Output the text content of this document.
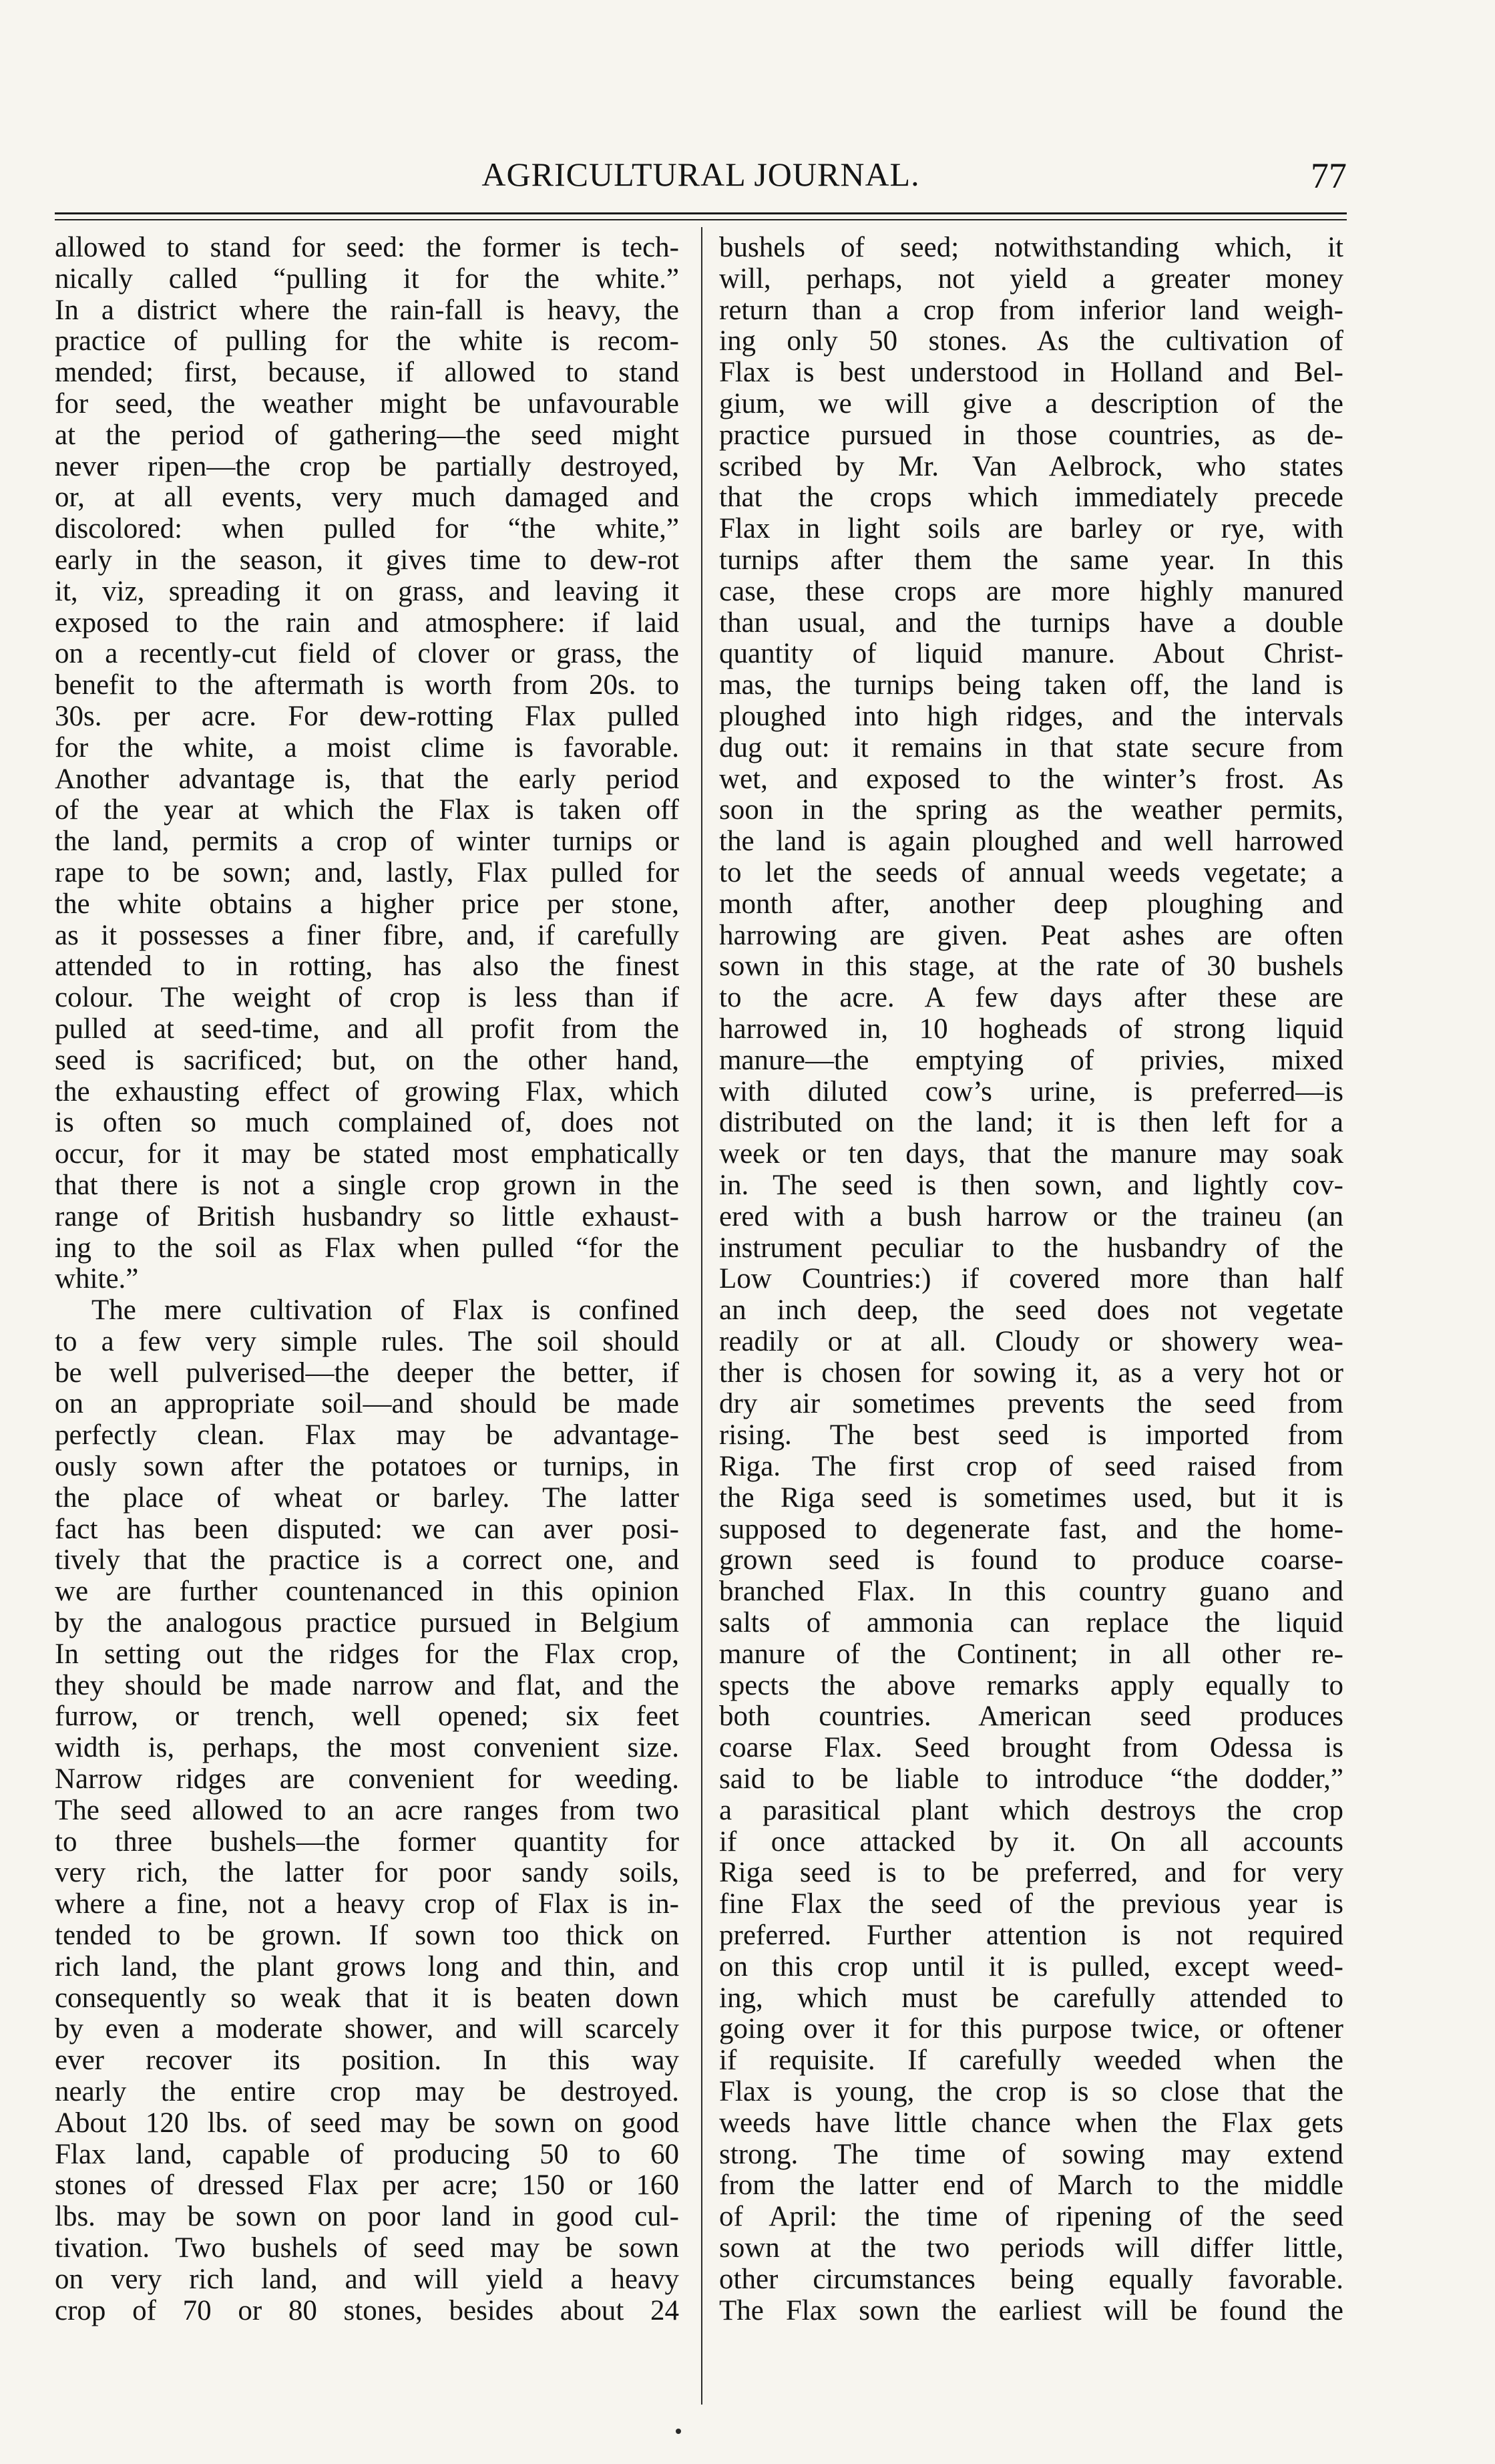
AGRICULTURAL JOURNAL.	77
allowed to stand for seed: the former is tech-
nically called “pulling it for the white.”
In a district where the rain-fall is heavy, the
practice of pulling for the white is recom-
mended; first, because, if allowed to stand
for seed, the weather might be unfavourable
at the period of gathering—the seed might
never ripen—the crop be partially destroyed,
or, at all events, very much damaged and
discolored: when pulled for “the white,”
early in the season, it gives time to dew-rot
it, viz, spreading it on grass, and leaving it
exposed to the rain and atmosphere: if laid
on a recently-cut field of clover or grass, the
benefit to the aftermath is worth from 20s. to
30s. per acre. For dew-rotting Flax pulled
for the white, a moist clime is favorable.
Another advantage is, that the early period
of the year at which the Flax is taken off
the land, permits a crop of winter turnips or
rape to be sown; and, lastly, Flax pulled for
the white obtains a higher price per stone,
as it possesses a finer fibre, and, if carefully
attended to in rotting, has also the finest
colour. The weight of crop is less than if
pulled at seed-time, and all profit from the
seed is sacrificed; but, on the other hand,
the exhausting effect of growing Flax, which
is often so much complained of, does not
occur, for it may be stated most emphatically
that there is not a single crop grown in the
range of British husbandry so little exhaust-
ing to the soil as Flax when pulled “for the
white.”
The mere cultivation of Flax is confined
to a few very simple rules. The soil should
be well pulverised—the deeper the better, if
on an appropriate soil—and should be made
perfectly clean. Flax may be advantage-
ously sown after the potatoes or turnips, in
the place of wheat or barley. The latter
fact has been disputed: we can aver posi-
tively that the practice is a correct one, and
we are further countenanced in this opinion
by the analogous practice pursued in Belgium
In setting out the ridges for the Flax crop,
they should be made narrow and flat, and the
furrow, or trench, well opened; six feet
width is, perhaps, the most convenient size.
Narrow ridges are convenient for weeding.
The seed allowed to an acre ranges from two
to three bushels—the former quantity for
very rich, the latter for poor sandy soils,
where a fine, not a heavy crop of Flax is in-
tended to be grown. If sown too thick on
rich land, the plant grows long and thin, and
consequently so weak that it is beaten down
by even a moderate shower, and will scarcely
ever recover its position. In this way
nearly the entire crop may be destroyed.
About 120 lbs. of seed may be sown on good
Flax land, capable of producing 50 to 60
stones of dressed Flax per acre; 150 or 160
lbs. may be sown on poor land in good cul-
tivation. Two bushels of seed may be sown
on very rich land, and will yield a heavy
crop of 70 or 80 stones, besides about 24
bushels of seed; notwithstanding which, it
will, perhaps, not yield a greater money
return than a crop from inferior land weigh-
ing only 50 stones. As the cultivation of
Flax is best understood in Holland and Bel-
gium, we will give a description of the
practice pursued in those countries, as de-
scribed by Mr. Van Aelbrock, who states
that the crops which immediately precede
Flax in light soils are barley or rye, with
turnips after them the same year. In this
case, these crops are more highly manured
than usual, and the turnips have a double
quantity of liquid manure. About Christ-
mas, the turnips being taken off, the land is
ploughed into high ridges, and the intervals
dug out: it remains in that state secure from
wet, and exposed to the winter’s frost. As
soon in the spring as the weather permits,
the land is again ploughed and well harrowed
to let the seeds of annual weeds vegetate; a
month after, another deep ploughing and
harrowing are given. Peat ashes are often
sown in this stage, at the rate of 30 bushels
to the acre. A few days after these are
harrowed in, 10 hogheads of strong liquid
manure—the emptying of privies, mixed
with diluted cow’s urine, is preferred—is
distributed on the land; it is then left for a
week or ten days, that the manure may soak
in. The seed is then sown, and lightly cov-
ered with a bush harrow or the traineu (an
instrument peculiar to the husbandry of the
Low Countries:) if covered more than half
an inch deep, the seed does not vegetate
readily or at all. Cloudy or showery wea-
ther is chosen for sowing it, as a very hot or
dry air sometimes prevents the seed from
rising. The best seed is imported from
Riga. The first crop of seed raised from
the Riga seed is sometimes used, but it is
supposed to degenerate fast, and the home-
grown seed is found to produce coarse-
branched Flax. In this country guano and
salts of ammonia can replace the liquid
manure of the Continent; in all other re-
spects the above remarks apply equally to
both countries. American seed produces
coarse Flax. Seed brought from Odessa is
said to be liable to introduce “the dodder,”
a parasitical plant which destroys the crop
if once attacked by it. On all accounts
Riga seed is to be preferred, and for very
fine Flax the seed of the previous year is
preferred. Further attention is not required
on this crop until it is pulled, except weed-
ing, which must be carefully attended to
going over it for this purpose twice, or oftener
if requisite. If carefully weeded when the
Flax is young, the crop is so close that the
weeds have little chance when the Flax gets
strong. The time of sowing may extend
from the latter end of March to the middle
of April: the time of ripening of the seed
sown at the two periods will differ little,
other circumstances being equally favorable.
The Flax sown the earliest will be found the
